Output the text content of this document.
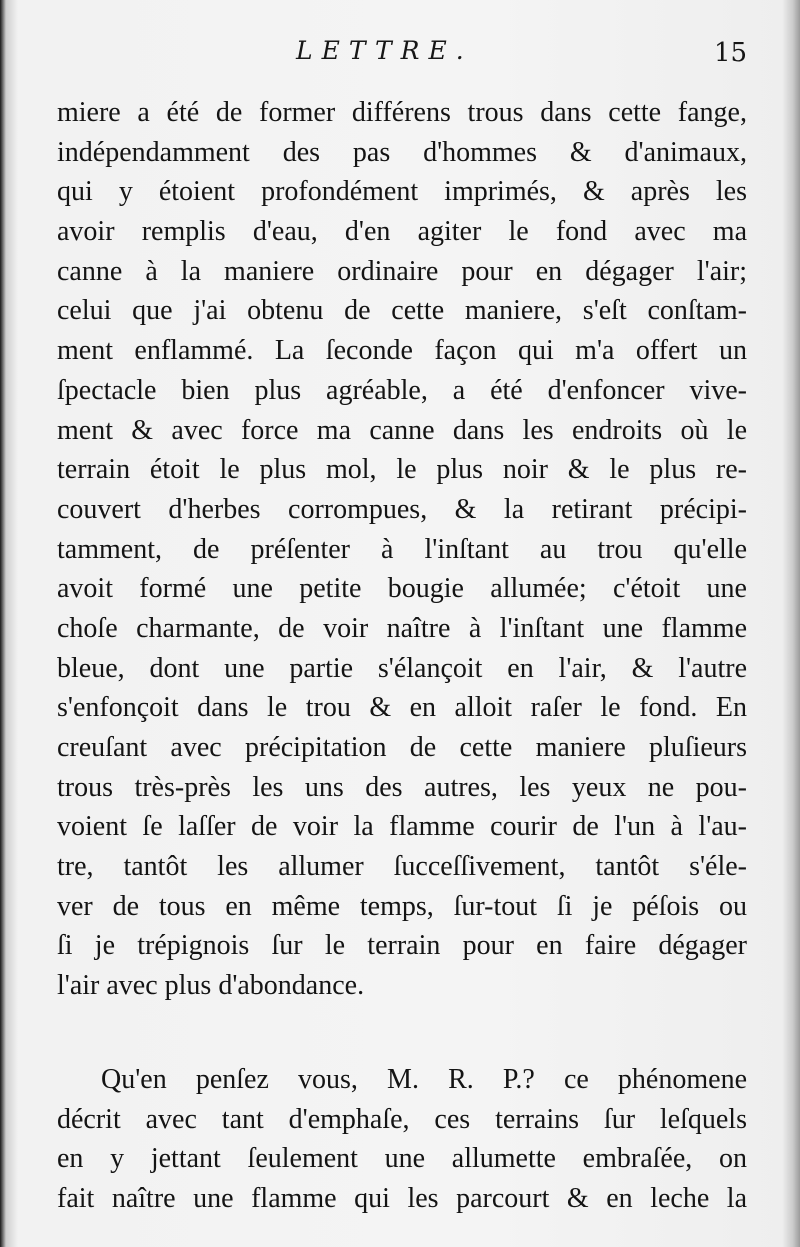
LETTRE.	15
miere a été de former différens trous dans cette fange,
indépendamment des pas d'hommes & d'animaux,
qui y étoient profondément imprimés, & après les
avoir remplis d'eau, d'en agiter le fond avec ma
canne à la maniere ordinaire pour en dégager l'air;
celui que j'ai obtenu de cette maniere, s'eſt conſtam-
ment enflammé. La ſeconde façon qui m'a offert un
ſpectacle bien plus agréable, a été d'enfoncer vive-
ment & avec force ma canne dans les endroits où le
terrain étoit le plus mol, le plus noir & le plus re-
couvert d'herbes corrompues, & la retirant précipi-
tamment, de préſenter à l'inſtant au trou qu'elle
avoit formé une petite bougie allumée; c'étoit une
choſe charmante, de voir naître à l'inſtant une flamme
bleue, dont une partie s'élançoit en l'air, & l'autre
s'enfonçoit dans le trou & en alloit raſer le fond. En
creuſant avec précipitation de cette maniere pluſieurs
trous très-près les uns des autres, les yeux ne pou-
voient ſe laſſer de voir la flamme courir de l'un à l'au-
tre, tantôt les allumer ſucceſſivement, tantôt s'éle-
ver de tous en même temps, ſur-tout ſi je péſois ou
ſi je trépignois ſur le terrain pour en faire dégager
l'air avec plus d'abondance.
Qu'en penſez vous, M. R. P.? ce phénomene
décrit avec tant d'emphaſe, ces terrains ſur leſquels
en y jettant ſeulement une allumette embraſée, on
fait naître une flamme qui les parcourt & en leche la
